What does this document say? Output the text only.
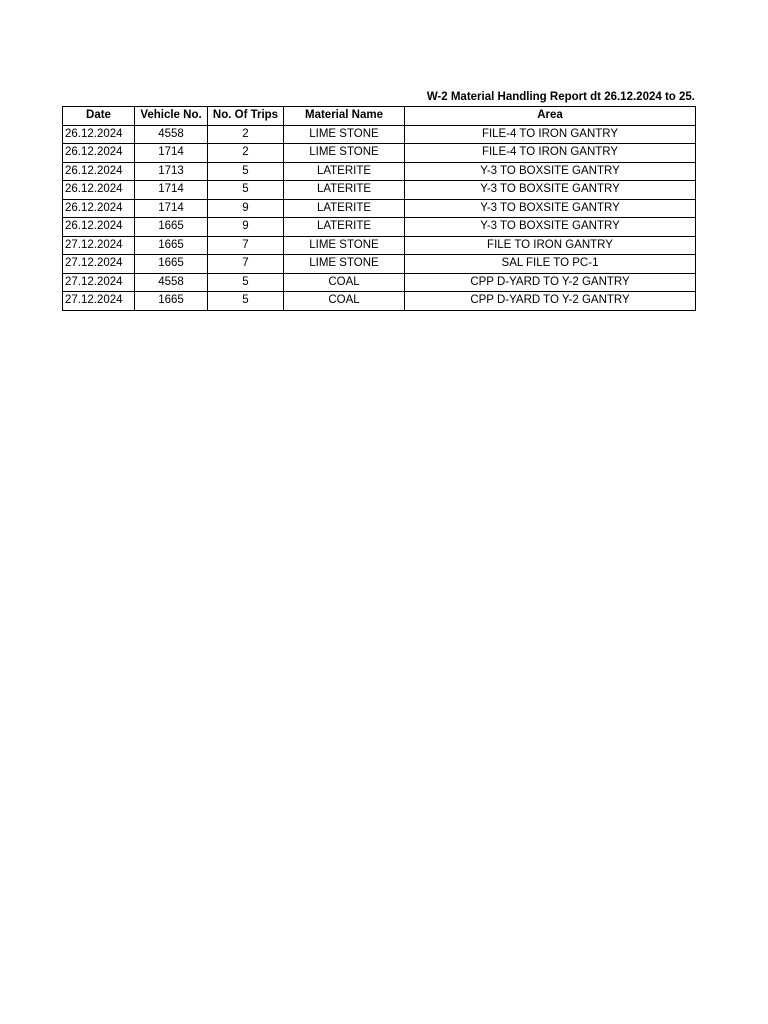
W-2 Material Handling Report dt 26.12.2024 to 25.
Date	Vehicle No.	No. Of Trips	Material Name	Area
26.12.2024	4558	2	LIME STONE	FILE-4 TO IRON GANTRY
26.12.2024	1714	2	LIME STONE	FILE-4 TO IRON GANTRY
26.12.2024	1713	5	LATERITE	Y-3 TO BOXSITE GANTRY
26.12.2024	1714	5	LATERITE	Y-3 TO BOXSITE GANTRY
26.12.2024	1714	9	LATERITE	Y-3 TO BOXSITE GANTRY
26.12.2024	1665	9	LATERITE	Y-3 TO BOXSITE GANTRY
27.12.2024	1665	7	LIME STONE	FILE TO IRON GANTRY
27.12.2024	1665	7	LIME STONE	SAL FILE TO PC-1
27.12.2024	4558	5	COAL	CPP D-YARD TO Y-2 GANTRY
27.12.2024	1665	5	COAL	CPP D-YARD TO Y-2 GANTRY
